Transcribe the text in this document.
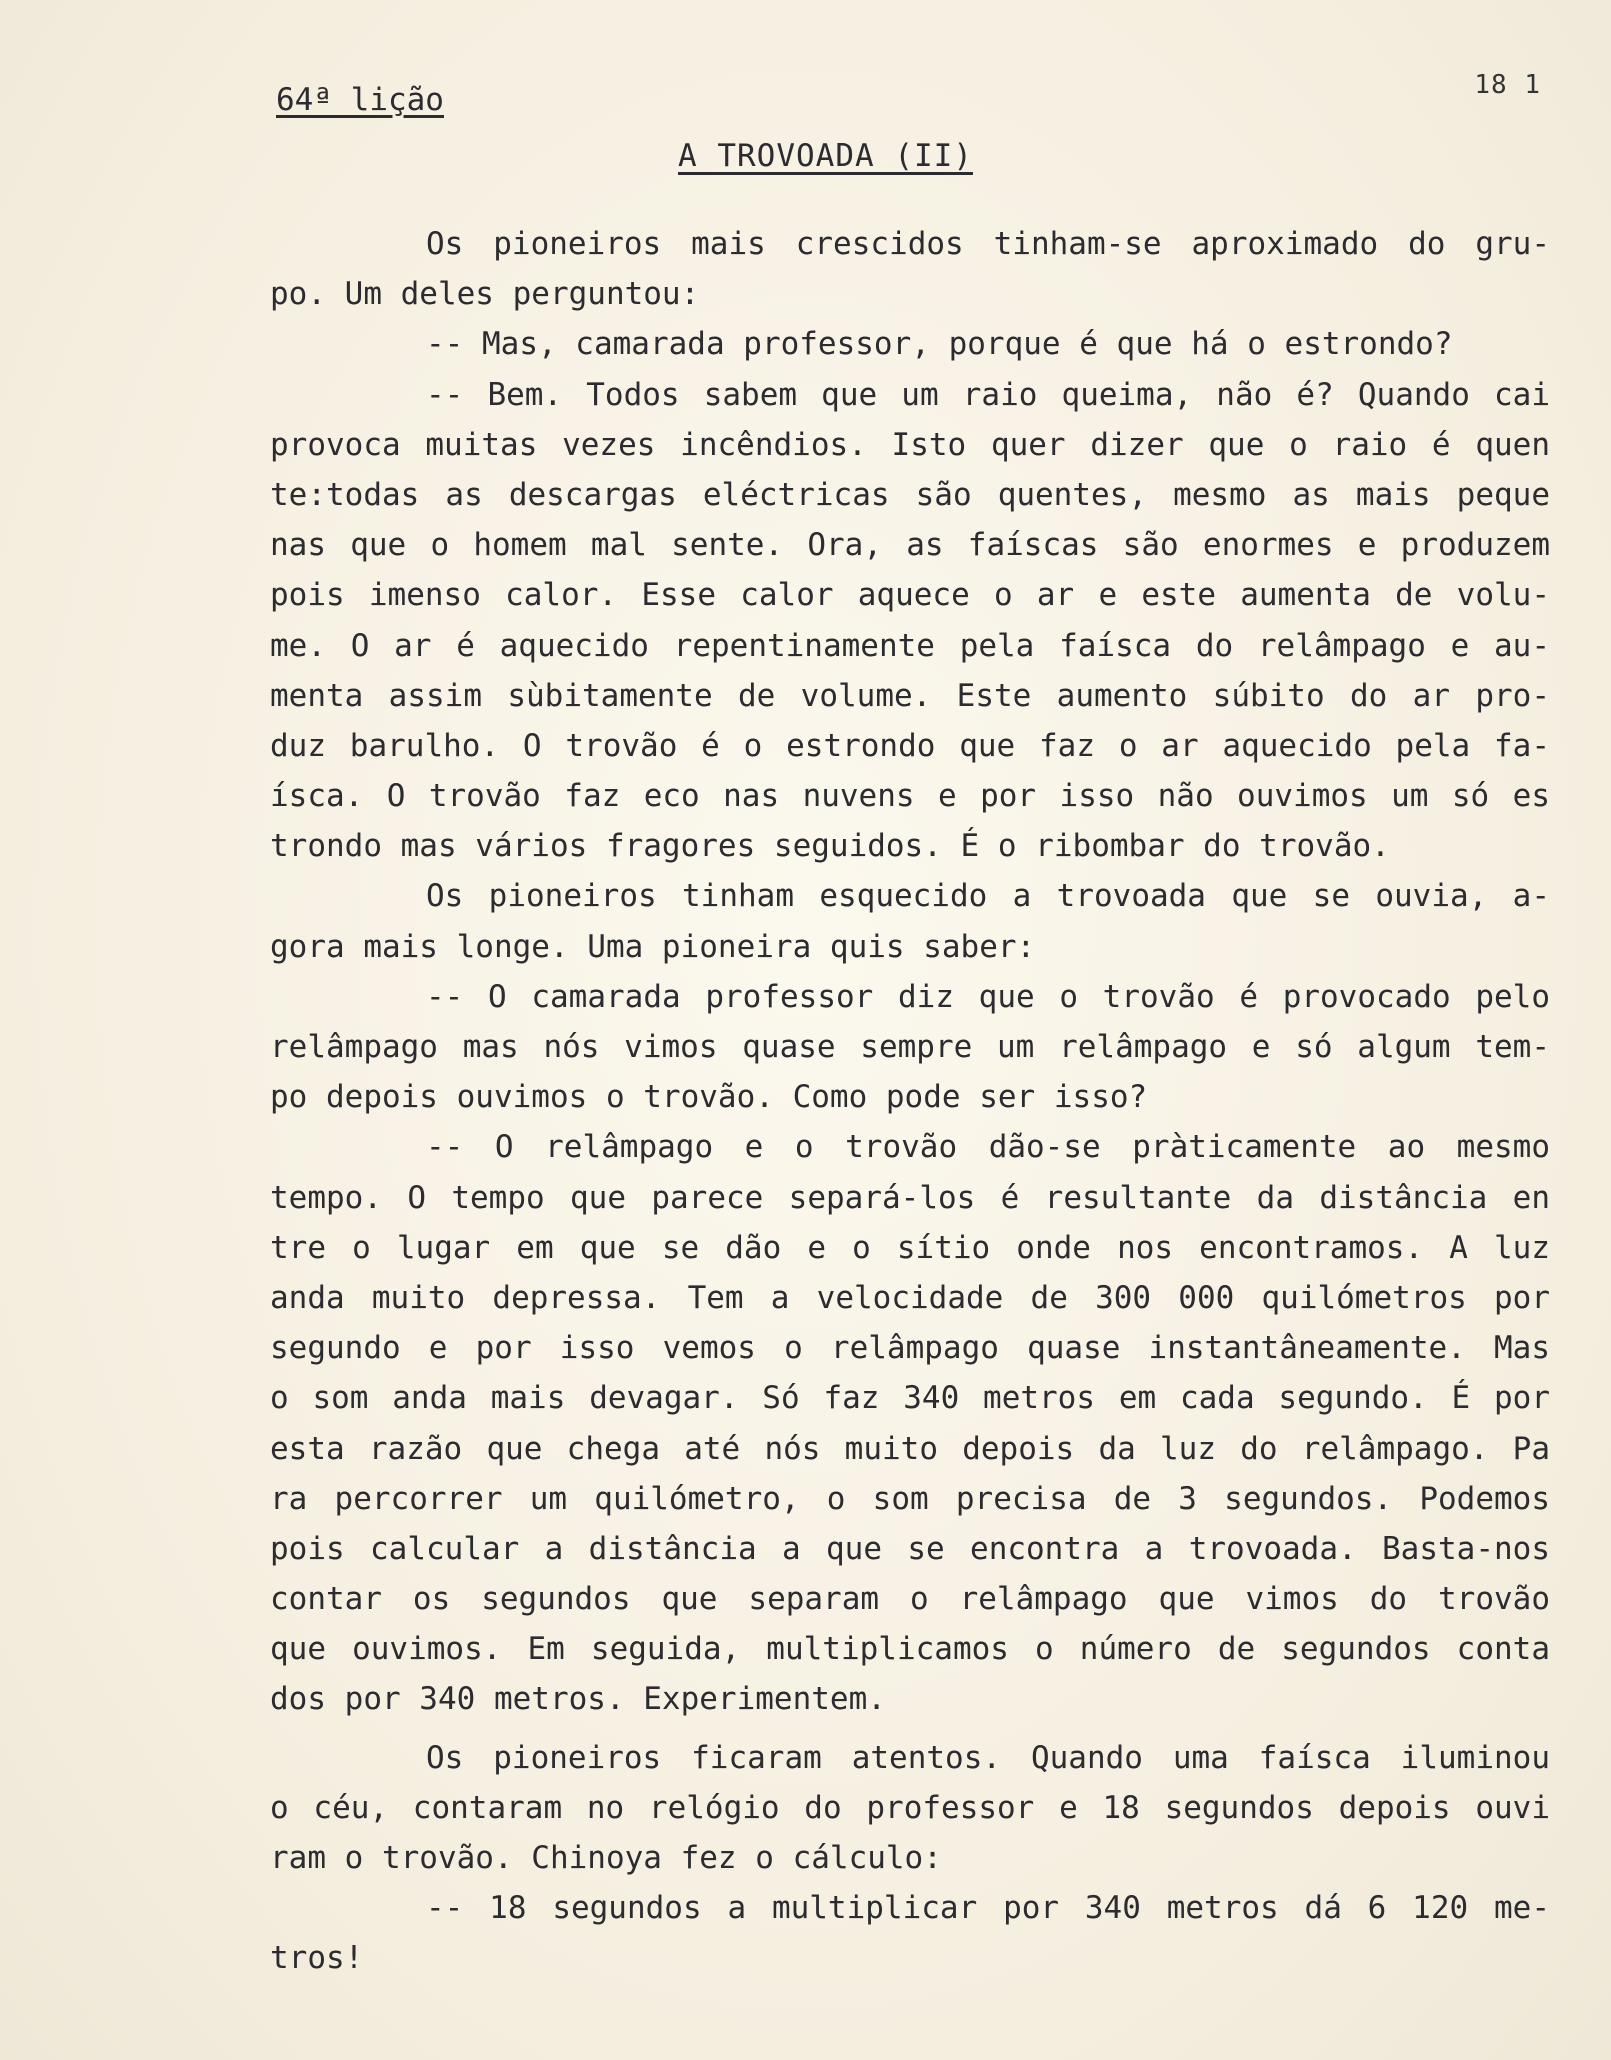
18 1
64ª lição
A TROVOADA (II)
Os pioneiros mais crescidos tinham-se aproximado do gru-
po. Um deles perguntou:
-- Mas, camarada professor, porque é que há o estrondo?
-- Bem. Todos sabem que um raio queima, não é? Quando cai
provoca muitas vezes incêndios. Isto quer dizer que o raio é quen
te:todas as descargas eléctricas são quentes, mesmo as mais peque
nas que o homem mal sente. Ora, as faíscas são enormes e produzem
pois imenso calor. Esse calor aquece o ar e este aumenta de volu-
me. O ar é aquecido repentinamente pela faísca do relâmpago e au-
menta assim sùbitamente de volume. Este aumento súbito do ar pro-
duz barulho. O trovão é o estrondo que faz o ar aquecido pela fa-
ísca. O trovão faz eco nas nuvens e por isso não ouvimos um só es
trondo mas vários fragores seguidos. É o ribombar do trovão.
Os pioneiros tinham esquecido a trovoada que se ouvia, a-
gora mais longe. Uma pioneira quis saber:
-- O camarada professor diz que o trovão é provocado pelo
relâmpago mas nós vimos quase sempre um relâmpago e só algum tem-
po depois ouvimos o trovão. Como pode ser isso?
-- O relâmpago e o trovão dão-se pràticamente ao mesmo
tempo. O tempo que parece separá-los é resultante da distância en
tre o lugar em que se dão e o sítio onde nos encontramos. A luz
anda muito depressa. Tem a velocidade de 300 000 quilómetros por
segundo e por isso vemos o relâmpago quase instantâneamente. Mas
o som anda mais devagar. Só faz 340 metros em cada segundo. É por
esta razão que chega até nós muito depois da luz do relâmpago. Pa
ra percorrer um quilómetro, o som precisa de 3 segundos. Podemos
pois calcular a distância a que se encontra a trovoada. Basta-nos
contar os segundos que separam o relâmpago que vimos do trovão
que ouvimos. Em seguida, multiplicamos o número de segundos conta
dos por 340 metros. Experimentem.
Os pioneiros ficaram atentos. Quando uma faísca iluminou
o céu, contaram no relógio do professor e 18 segundos depois ouvi
ram o trovão. Chinoya fez o cálculo:
-- 18 segundos a multiplicar por 340 metros dá 6 120 me-
tros!
